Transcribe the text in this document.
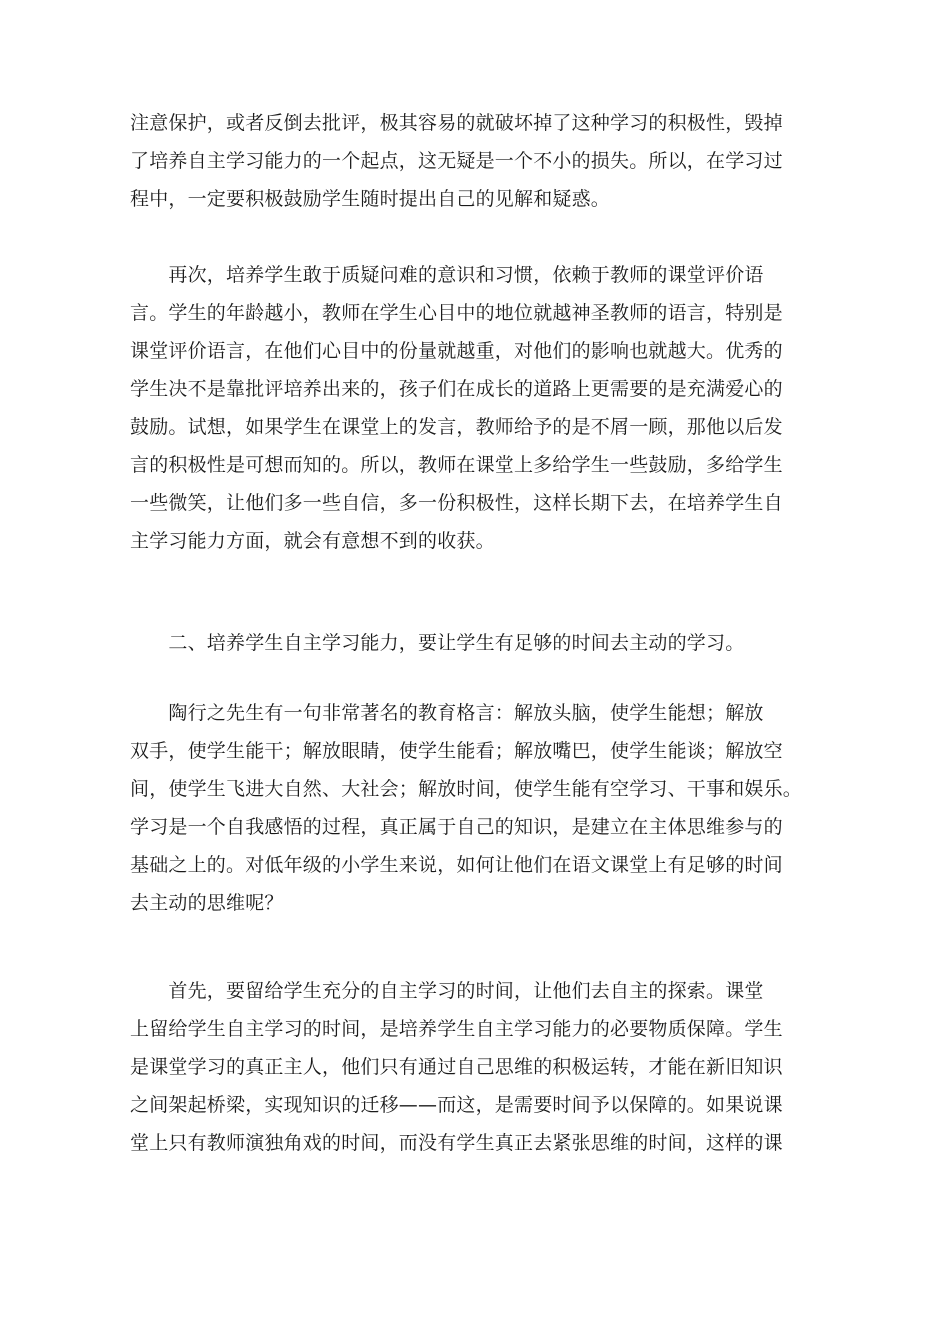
注意保护，或者反倒去批评，极其容易的就破坏掉了这种学习的积极性，毁掉
了培养自主学习能力的一个起点，这无疑是一个不小的损失。所以，在学习过
程中，一定要积极鼓励学生随时提出自己的见解和疑惑。
　　再次，培养学生敢于质疑问难的意识和习惯，依赖于教师的课堂评价语
言。学生的年龄越小，教师在学生心目中的地位就越神圣教师的语言，特别是
课堂评价语言，在他们心目中的份量就越重，对他们的影响也就越大。优秀的
学生决不是靠批评培养出来的，孩子们在成长的道路上更需要的是充满爱心的
鼓励。试想，如果学生在课堂上的发言，教师给予的是不屑一顾，那他以后发
言的积极性是可想而知的。所以，教师在课堂上多给学生一些鼓励，多给学生
一些微笑，让他们多一些自信，多一份积极性，这样长期下去，在培养学生自
主学习能力方面，就会有意想不到的收获。
　　二、培养学生自主学习能力，要让学生有足够的时间去主动的学习。
　　陶行之先生有一句非常著名的教育格言：解放头脑，使学生能想；解放
双手，使学生能干；解放眼睛，使学生能看；解放嘴巴，使学生能谈；解放空
间，使学生飞进大自然、大社会；解放时间，使学生能有空学习、干事和娱乐。
学习是一个自我感悟的过程，真正属于自己的知识，是建立在主体思维参与的
基础之上的。对低年级的小学生来说，如何让他们在语文课堂上有足够的时间
去主动的思维呢？
　　首先，要留给学生充分的自主学习的时间，让他们去自主的探索。课堂
上留给学生自主学习的时间，是培养学生自主学习能力的必要物质保障。学生
是课堂学习的真正主人，他们只有通过自己思维的积极运转，才能在新旧知识
之间架起桥梁，实现知识的迁移——而这，是需要时间予以保障的。如果说课
堂上只有教师演独角戏的时间，而没有学生真正去紧张思维的时间，这样的课
